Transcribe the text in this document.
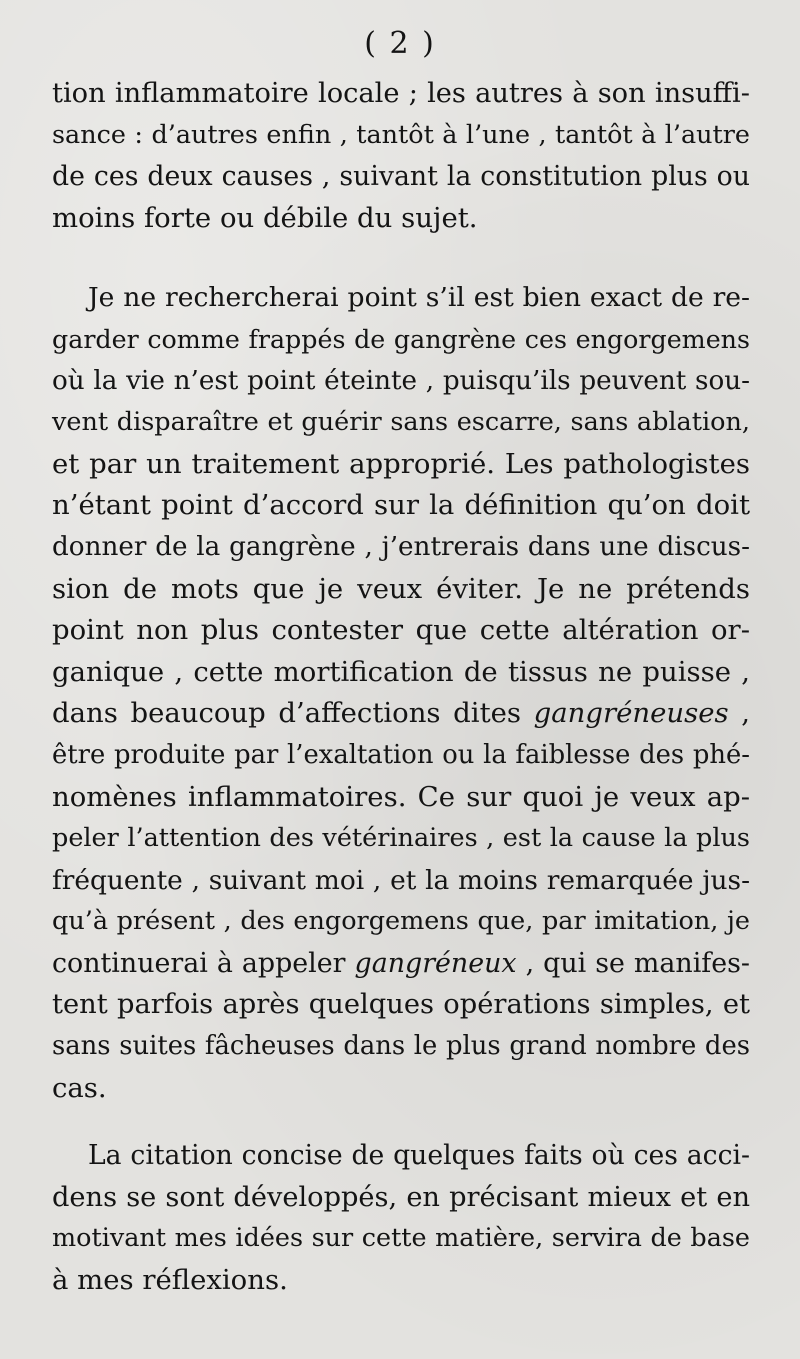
( 2 )

tion inflammatoire locale ; les autres à son insuffi-
sance : d’autres enfin , tantôt à l’une , tantôt à l’autre
de ces deux causes , suivant la constitution plus ou
moins forte ou débile du sujet.

Je ne rechercherai point s’il est bien exact de re-
garder comme frappés de gangrène ces engorgemens
où la vie n’est point éteinte , puisqu’ils peuvent sou-
vent disparaître et guérir sans escarre, sans ablation,
et par un traitement approprié. Les pathologistes
n’étant point d’accord sur la définition qu’on doit
donner de la gangrène , j’entrerais dans une discus-
sion de mots que je veux éviter. Je ne prétends
point non plus contester que cette altération or-
ganique , cette mortification de tissus ne puisse ,
dans beaucoup d’affections dites gangréneuses ,
être produite par l’exaltation ou la faiblesse des phé-
nomènes inflammatoires. Ce sur quoi je veux ap-
peler l’attention des vétérinaires , est la cause la plus
fréquente , suivant moi , et la moins remarquée jus-
qu’à présent , des engorgemens que, par imitation, je
continuerai à appeler gangréneux , qui se manifes-
tent parfois après quelques opérations simples, et
sans suites fâcheuses dans le plus grand nombre des
cas.

La citation concise de quelques faits où ces acci-
dens se sont développés, en précisant mieux et en
motivant mes idées sur cette matière, servira de base
à mes réflexions.
